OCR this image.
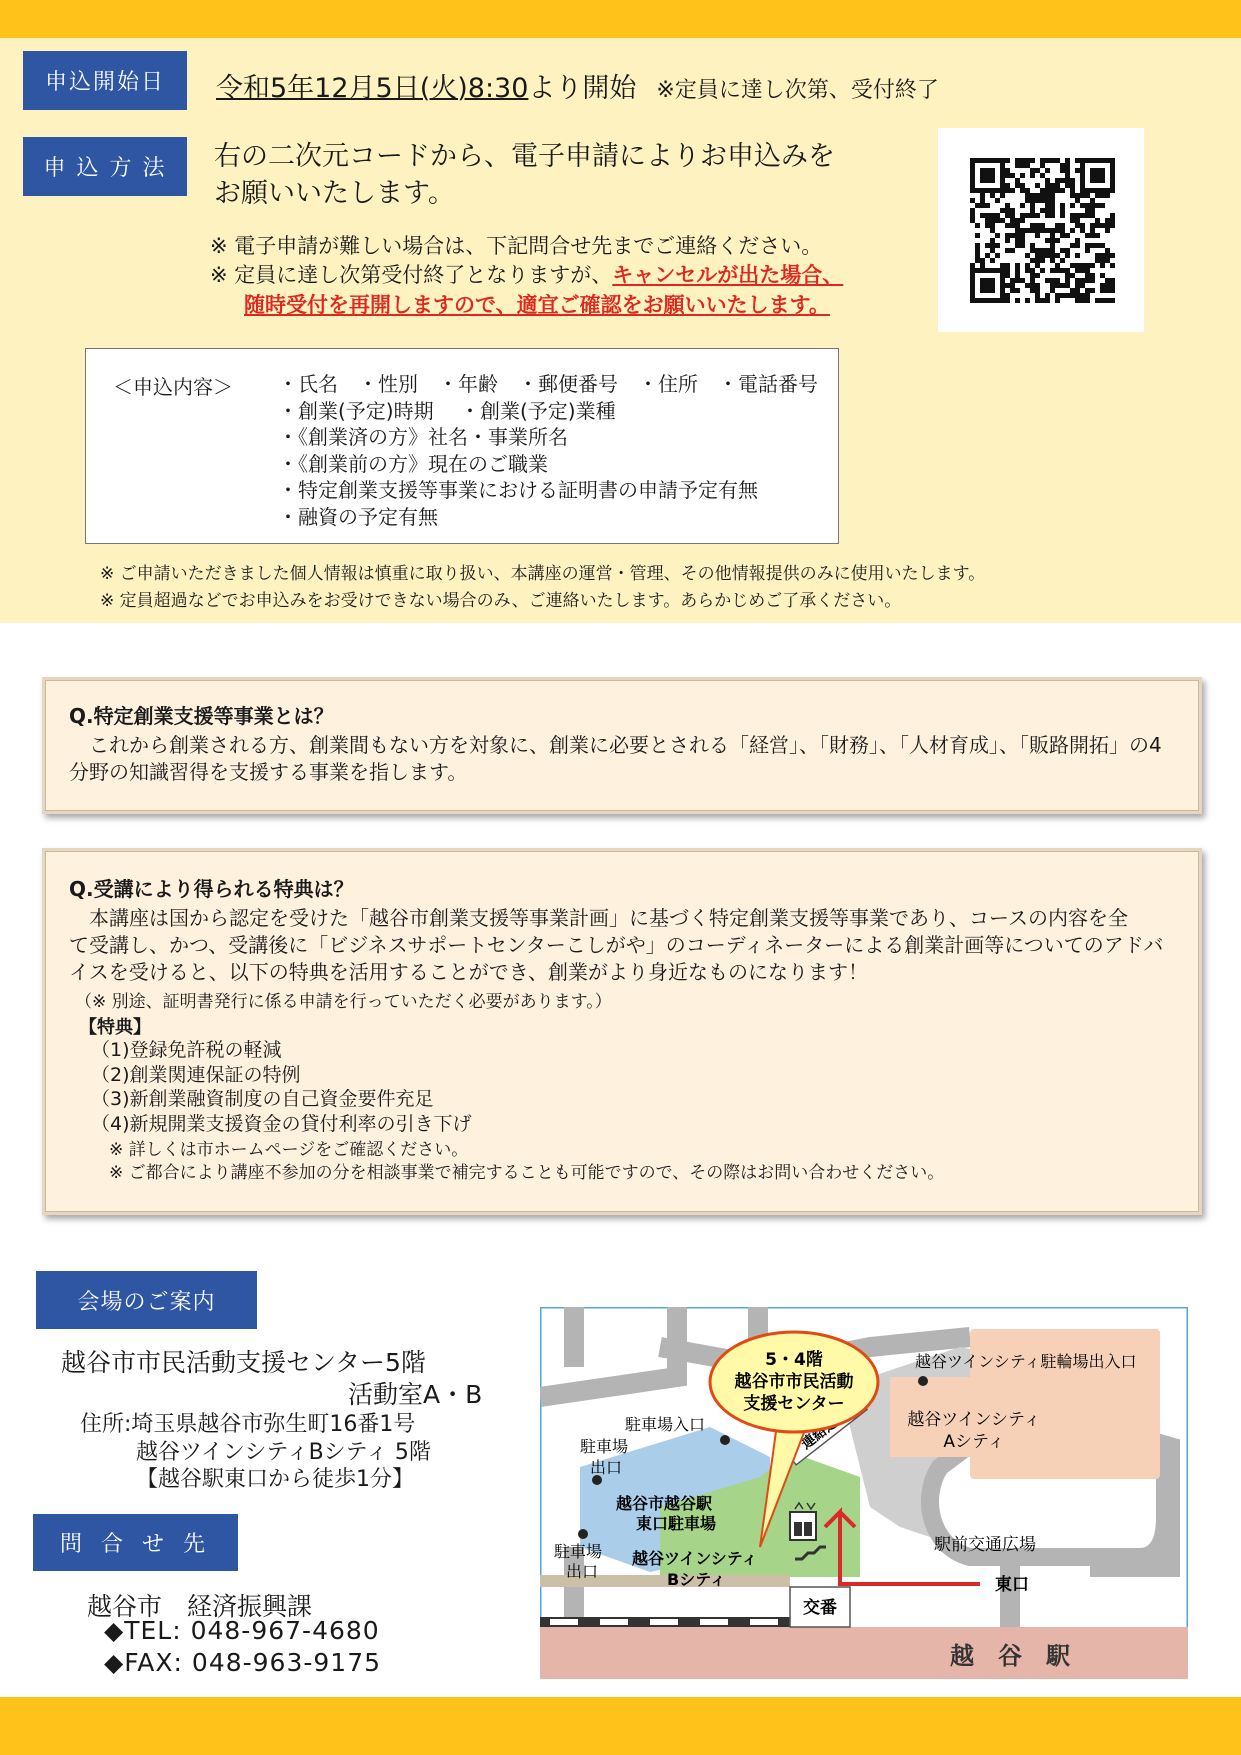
申込開始日	令和5年12月5日(火)8:30より開始 ※定員に達し次第、受付終了
申 込 方 法	右の二次元コードから、電子申請によりお申込みを
お願いいたします。
※ 電子申請が難しい場合は、下記問合せ先までご連絡ください。
※ 定員に達し次第受付終了となりますが、キャンセルが出た場合、
随時受付を再開しますので、適宜ご確認をお願いいたします。
＜申込内容＞ ・氏名　・性別　・年齢　・郵便番号　・住所　・電話番号
・創業(予定)時期　 ・創業(予定)業種
・《創業済の方》社名・事業所名
・《創業前の方》現在のご職業
・特定創業支援等事業における証明書の申請予定有無
・融資の予定有無
※ ご申請いただきました個人情報は慎重に取り扱い、本講座の運営・管理、その他情報提供のみに使用いたします。
※ 定員超過などでお申込みをお受けできない場合のみ、ご連絡いたします。あらかじめご了承ください。
Q.特定創業支援等事業とは？
　これから創業される方、創業間もない方を対象に、創業に必要とされる「経営」、「財務」、「人材育成」、「販路開拓」の4
分野の知識習得を支援する事業を指します。
Q.受講により得られる特典は？
　本講座は国から認定を受けた「越谷市創業支援等事業計画」に基づく特定創業支援等事業であり、コースの内容を全
て受講し、かつ、受講後に「ビジネスサポートセンターこしがや」のコーディネーターによる創業計画等についてのアドバ
イスを受けると、以下の特典を活用することができ、創業がより身近なものになります！
（※ 別途、証明書発行に係る申請を行っていただく必要があります。）
【特典】
（1)登録免許税の軽減
（2)創業関連保証の特例
（3)新創業融資制度の自己資金要件充足
（4)新規開業支援資金の貸付利率の引き下げ
※ 詳しくは市ホームページをご確認ください。
※ ご都合により講座不参加の分を相談事業で補完することも可能ですので、その際はお問い合わせください。
会場のご案内
越谷市市民活動支援センター5階
活動室A・B
住所:埼玉県越谷市弥生町16番1号
越谷ツインシティBシティ 5階
【越谷駅東口から徒歩1分】
問 合 せ 先
越谷市　経済振興課
◆TEL: 048-967-4680
◆FAX: 048-963-9175
交番
越　谷　駅
東口
5・4階
越谷市市民活動
支援センター
越谷ツインシティ駐輪場出入口
越谷ツインシティ
Aシティ
駐車場入口
駐車場
出口
越谷市越谷駅
東口駐車場
駐車場
出口
越谷ツインシティ
Bシティ
駅前交通広場
